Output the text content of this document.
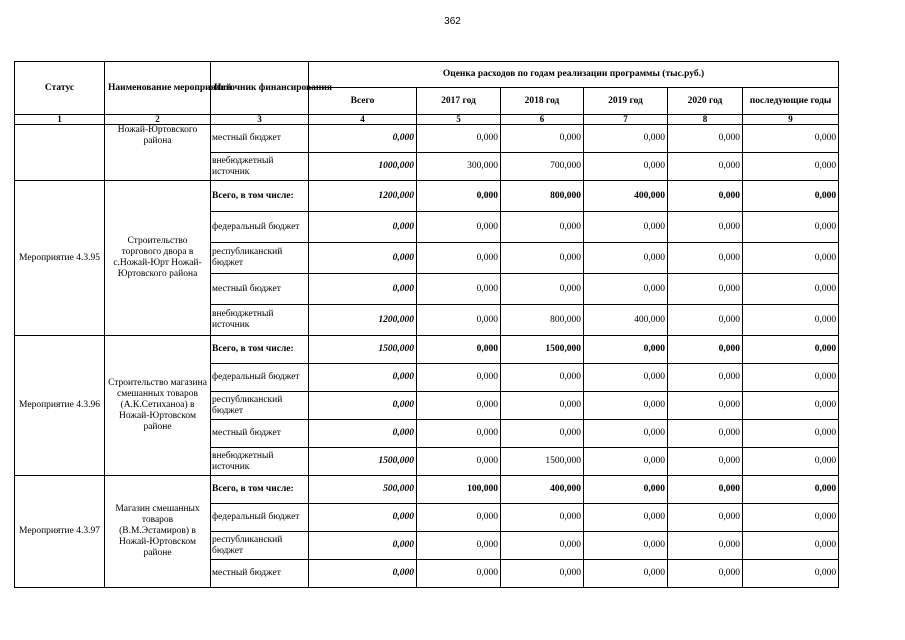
362
Статус	Наименование мероприятий	Источник финансирования	Оценка расходов по годам реализации программы (тыс.руб.)					
			Всего	2017 год	2018 год	2019 год	2020 год	последующие годы
1	2	3	4	5	6	7	8	9
	Ножай-Юртовского района	местный бюджет	0,000	0,000	0,000	0,000	0,000	0,000
		внебюджетный источник	1000,000	300,000	700,000	0,000	0,000	0,000
Мероприятие 4.3.95	Строительство торгового двора в с.Ножай-Юрт Ножай-Юртовского района	Всего, в том числе:	1200,000	0,000	800,000	400,000	0,000	0,000
		федеральный бюджет	0,000	0,000	0,000	0,000	0,000	0,000
		республиканский бюджет	0,000	0,000	0,000	0,000	0,000	0,000
		местный бюджет	0,000	0,000	0,000	0,000	0,000	0,000
		внебюджетный источник	1200,000	0,000	800,000	400,000	0,000	0,000
Мероприятие 4.3.96	Строительство магазина смешанных товаров (А.К.Сетиханоа) в Ножай-Юртовском районе	Всего, в том числе:	1500,000	0,000	1500,000	0,000	0,000	0,000
		федеральный бюджет	0,000	0,000	0,000	0,000	0,000	0,000
		республиканский бюджет	0,000	0,000	0,000	0,000	0,000	0,000
		местный бюджет	0,000	0,000	0,000	0,000	0,000	0,000
		внебюджетный источник	1500,000	0,000	1500,000	0,000	0,000	0,000
Мероприятие 4.3.97	Магазин смешанных товаров (В.М.Эстамиров) в Ножай-Юртовском районе	Всего, в том числе:	500,000	100,000	400,000	0,000	0,000	0,000
		федеральный бюджет	0,000	0,000	0,000	0,000	0,000	0,000
		республиканский бюджет	0,000	0,000	0,000	0,000	0,000	0,000
		местный бюджет	0,000	0,000	0,000	0,000	0,000	0,000
